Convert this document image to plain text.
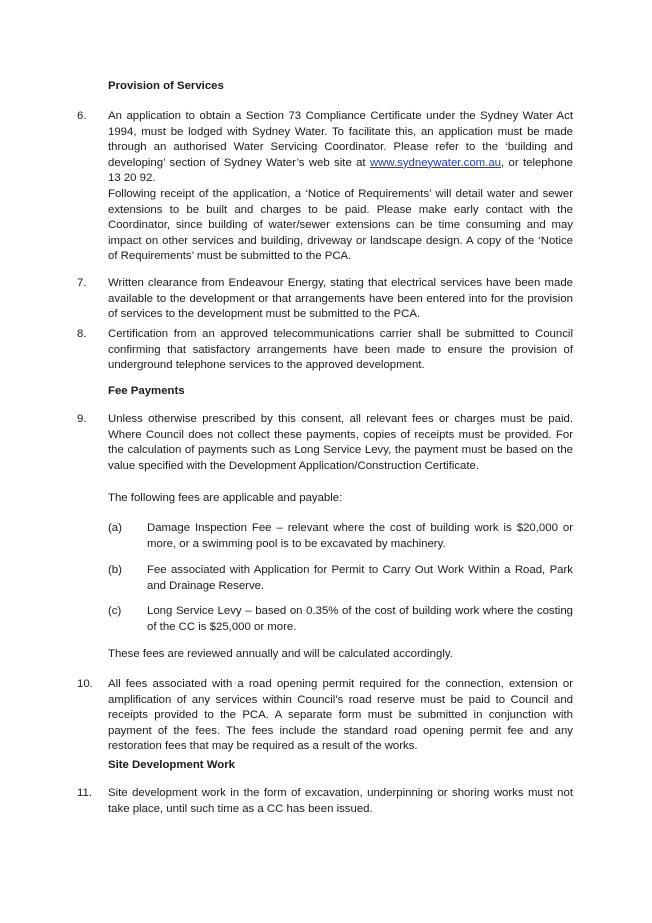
Provision of Services
6. An application to obtain a Section 73 Compliance Certificate under the Sydney Water Act 1994, must be lodged with Sydney Water. To facilitate this, an application must be made through an authorised Water Servicing Coordinator. Please refer to the ‘building and developing’ section of Sydney Water’s web site at www.sydneywater.com.au, or telephone 13 20 92.

Following receipt of the application, a ‘Notice of Requirements’ will detail water and sewer extensions to be built and charges to be paid. Please make early contact with the Coordinator, since building of water/sewer extensions can be time consuming and may impact on other services and building, driveway or landscape design. A copy of the ‘Notice of Requirements’ must be submitted to the PCA.

7. Written clearance from Endeavour Energy, stating that electrical services have been made available to the development or that arrangements have been entered into for the provision of services to the development must be submitted to the PCA.

8. Certification from an approved telecommunications carrier shall be submitted to Council confirming that satisfactory arrangements have been made to ensure the provision of underground telephone services to the approved development.

Fee Payments
9. Unless otherwise prescribed by this consent, all relevant fees or charges must be paid. Where Council does not collect these payments, copies of receipts must be provided. For the calculation of payments such as Long Service Levy, the payment must be based on the value specified with the Development Application/Construction Certificate.

The following fees are applicable and payable:

(a) Damage Inspection Fee – relevant where the cost of building work is $20,000 or more, or a swimming pool is to be excavated by machinery.

(b) Fee associated with Application for Permit to Carry Out Work Within a Road, Park and Drainage Reserve.

(c) Long Service Levy – based on 0.35% of the cost of building work where the costing of the CC is $25,000 or more.

These fees are reviewed annually and will be calculated accordingly.

10. All fees associated with a road opening permit required for the connection, extension or amplification of any services within Council’s road reserve must be paid to Council and receipts provided to the PCA. A separate form must be submitted in conjunction with payment of the fees. The fees include the standard road opening permit fee and any restoration fees that may be required as a result of the works.

Site Development Work
11. Site development work in the form of excavation, underpinning or shoring works must not take place, until such time as a CC has been issued.
